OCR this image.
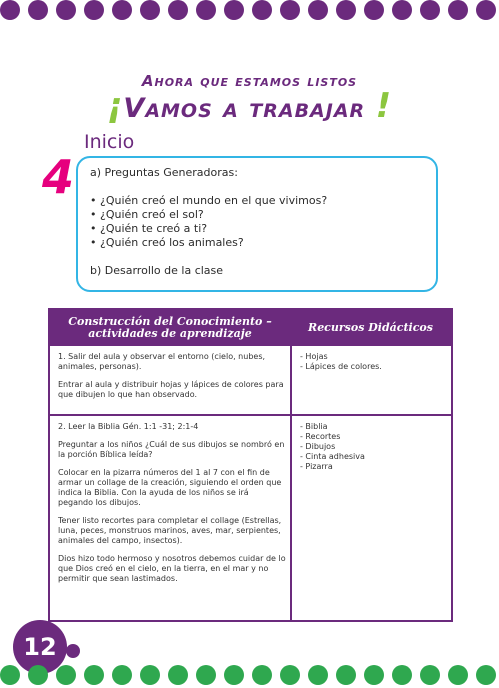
Ahora que estamos listos
¡Vamos a trabajar !
Inicio
4 a) Preguntas Generadoras:
• ¿Quién creó el mundo en el que vivimos?
• ¿Quién creó el sol?
• ¿Quién te creó a ti?
• ¿Quién creó los animales?
b) Desarrollo de la clase
Construcción del Conocimiento – actividades de aprendizaje	Recursos Didácticos

1. Salir del aula y observar el entorno (cielo, nubes, animales, personas).

Entrar al aula y distribuir hojas y lápices de colores para que dibujen lo que han observado.

- Hojas
- Lápices de colores.

2. Leer la Biblia Gén. 1:1 -31; 2:1-4

Preguntar a los niños ¿Cuál de sus dibujos se nombró en la porción Bíblica leída?

Colocar en la pizarra números del 1 al 7 con el fin de armar un collage de la creación, siguiendo el orden que indica la Biblia. Con la ayuda de los niños se irá pegando los dibujos.

Tener listo recortes para completar el collage (Estrellas, luna, peces, monstruos marinos, aves, mar, serpientes, animales del campo, insectos).

Dios hizo todo hermoso y nosotros debemos cuidar de lo que Dios creó en el cielo, en la tierra, en el mar y no permitir que sean lastimados.

- Biblia
- Recortes
- Dibujos
- Cinta adhesiva
- Pizarra
12
